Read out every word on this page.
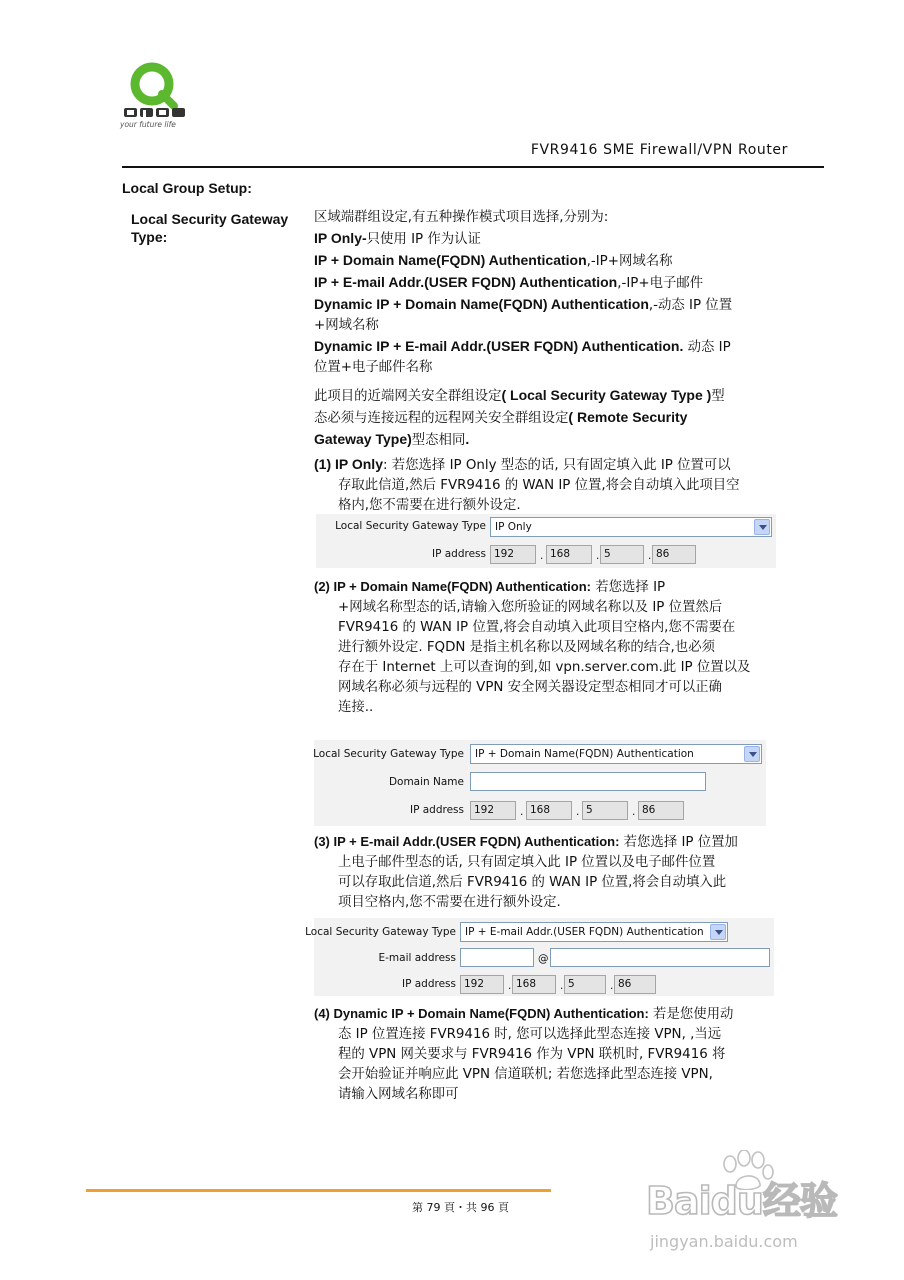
your future life
FVR9416 SME Firewall/VPN Router
Local Group Setup:
Local Security Gateway Type:
区域端群组设定,有五种操作模式项目选择,分别为:
IP Only-只使用 IP 作为认证
IP + Domain Name(FQDN) Authentication,-IP+网域名称
IP + E-mail Addr.(USER FQDN) Authentication,-IP+电子邮件
Dynamic IP + Domain Name(FQDN) Authentication,-动态 IP 位置
+网域名称
Dynamic IP + E-mail Addr.(USER FQDN) Authentication. 动态 IP
位置+电子邮件名称
此项目的近端网关安全群组设定( Local Security Gateway Type )型
态必须与连接远程的远程网关安全群组设定( Remote Security
Gateway Type)型态相同.
(1) IP Only: 若您选择 IP Only 型态的话, 只有固定填入此 IP 位置可以
存取此信道,然后 FVR9416 的 WAN IP 位置,将会自动填入此项目空
格内,您不需要在进行额外设定.
Local Security Gateway Type IP Only
IP address 192	. 168	. 5	. 86
(2) IP + Domain Name(FQDN) Authentication: 若您选择 IP
+网域名称型态的话,请输入您所验证的网域名称以及 IP 位置然后
FVR9416 的 WAN IP 位置,将会自动填入此项目空格内,您不需要在
进行额外设定. FQDN 是指主机名称以及网域名称的结合,也必须
存在于 Internet 上可以查询的到,如 vpn.server.com.此 IP 位置以及
网域名称必须与远程的 VPN 安全网关器设定型态相同才可以正确
连接..
Local Security Gateway Type	IP + Domain Name(FQDN) Authentication
Domain Name
IP address 192	. 168	. 5	. 86
(3) IP + E-mail Addr.(USER FQDN) Authentication: 若您选择 IP 位置加
上电子邮件型态的话, 只有固定填入此 IP 位置以及电子邮件位置
可以存取此信道,然后 FVR9416 的 WAN IP 位置,将会自动填入此
项目空格内,您不需要在进行额外设定.
Local Security Gateway Type IP + E-mail Addr.(USER FQDN) Authentication
E-mail address	@
IP address 192	. 168	. 5	. 86
(4) Dynamic IP + Domain Name(FQDN) Authentication: 若是您使用动
态 IP 位置连接 FVR9416 时, 您可以选择此型态连接 VPN, ,当远
程的 VPN 网关要求与 FVR9416 作为 VPN 联机时, FVR9416 将
会开始验证并响应此 VPN 信道联机; 若您选择此型态连接 VPN,
请输入网域名称即可
第 79 頁・共 96 頁	Baidu经验
jingyan.baidu.com
